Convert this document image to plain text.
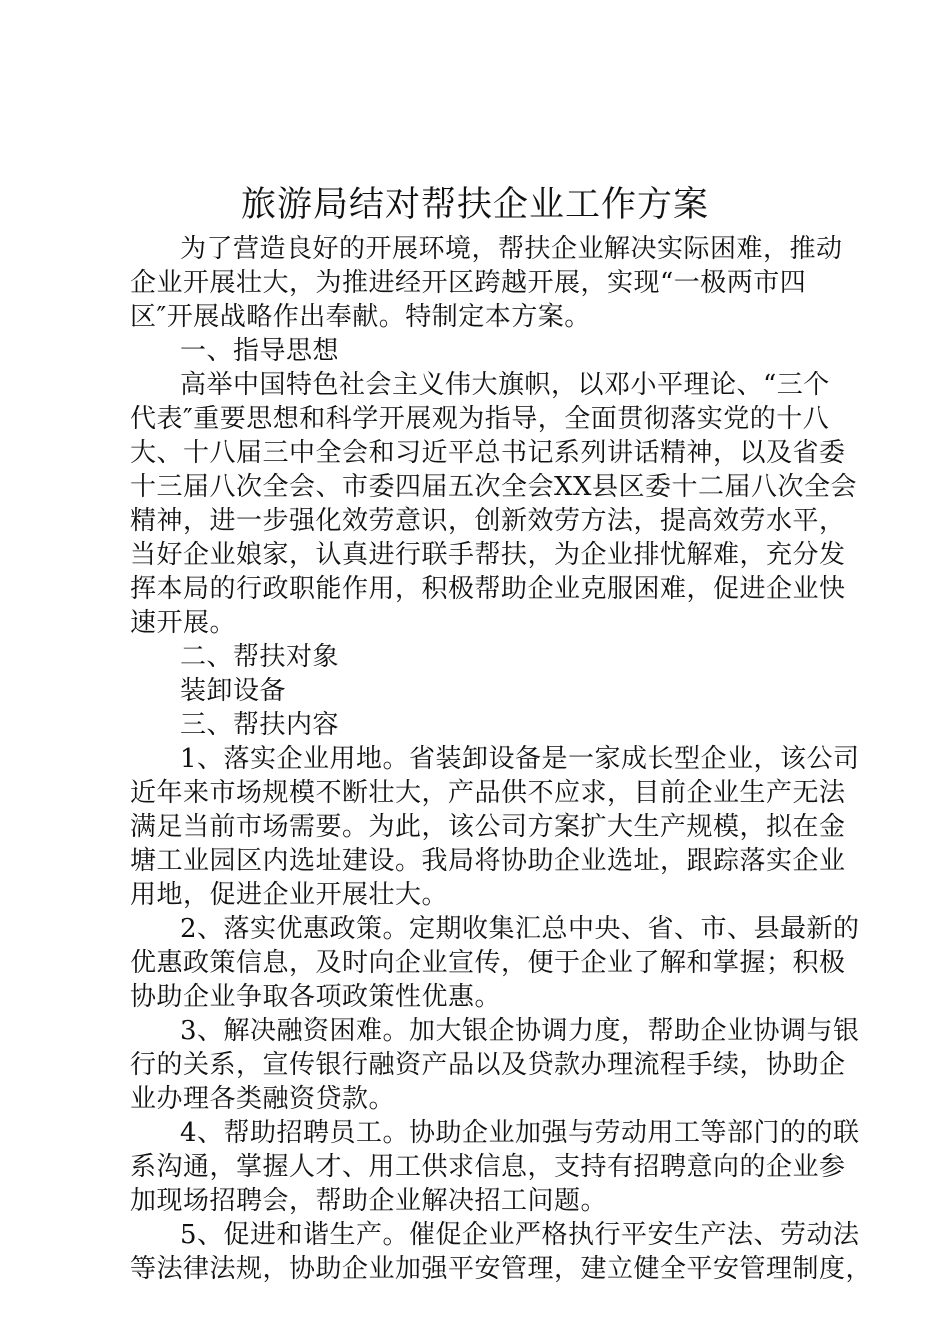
旅游局结对帮扶企业工作方案

为了营造良好的开展环境，帮扶企业解决实际困难，推动

企业开展壮大，为推进经开区跨越开展，实现“一极两市四

区″开展战略作出奉献。特制定本方案。

一、指导思想

高举中国特色社会主义伟大旗帜，以邓小平理论、“三个

代表″重要思想和科学开展观为指导，全面贯彻落实党的十八

大、十八届三中全会和习近平总书记系列讲话精神，以及省委

十三届八次全会、市委四届五次全会XX县区委十二届八次全会

精神，进一步强化效劳意识，创新效劳方法，提高效劳水平，

当好企业娘家，认真进行联手帮扶，为企业排忧解难，充分发

挥本局的行政职能作用，积极帮助企业克服困难，促进企业快

速开展。

二、帮扶对象

装卸设备

三、帮扶内容

1、落实企业用地。省装卸设备是一家成长型企业，该公司

近年来市场规模不断壮大，产品供不应求，目前企业生产无法

满足当前市场需要。为此，该公司方案扩大生产规模，拟在金

塘工业园区内选址建设。我局将协助企业选址，跟踪落实企业

用地，促进企业开展壮大。

2、落实优惠政策。定期收集汇总中央、省、市、县最新的

优惠政策信息，及时向企业宣传，便于企业了解和掌握；积极

协助企业争取各项政策性优惠。

3、解决融资困难。加大银企协调力度，帮助企业协调与银

行的关系，宣传银行融资产品以及贷款办理流程手续，协助企

业办理各类融资贷款。

4、帮助招聘员工。协助企业加强与劳动用工等部门的的联

系沟通，掌握人才、用工供求信息，支持有招聘意向的企业参

加现场招聘会，帮助企业解决招工问题。

5、促进和谐生产。催促企业严格执行平安生产法、劳动法

等法律法规，协助企业加强平安管理，建立健全平安管理制度，
